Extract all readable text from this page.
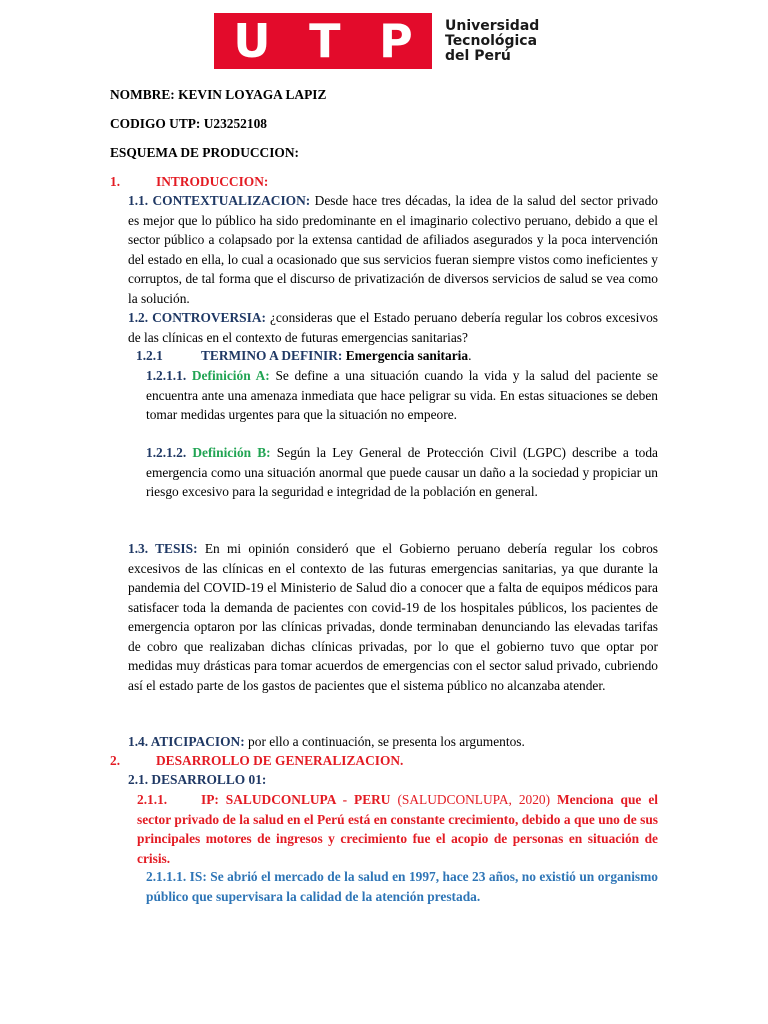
U T P Universidad
Tecnológica
del Perú
NOMBRE: KEVIN LOYAGA LAPIZ
CODIGO UTP: U23252108
ESQUEMA DE PRODUCCION:
1.	INTRODUCCION:
1.1. CONTEXTUALIZACION: Desde hace tres décadas, la idea de la salud del sector privado es mejor que lo público ha sido predominante en el imaginario colectivo peruano, debido a que el sector público a colapsado por la extensa cantidad de afiliados asegurados y la poca intervención del estado en ella, lo cual a ocasionado que sus servicios fueran siempre vistos como ineficientes y corruptos, de tal forma que el discurso de privatización de diversos servicios de salud se vea como la solución.
1.2. CONTROVERSIA: ¿consideras que el Estado peruano debería regular los cobros excesivos de las clínicas en el contexto de futuras emergencias sanitarias?
1.2.1	TERMINO A DEFINIR: Emergencia sanitaria.
1.2.1.1. Definición A: Se define a una situación cuando la vida y la salud del paciente se encuentra ante una amenaza inmediata que hace peligrar su vida. En estas situaciones se deben tomar medidas urgentes para que la situación no empeore.
1.2.1.2. Definición B: Según la Ley General de Protección Civil (LGPC) describe a toda emergencia como una situación anormal que puede causar un daño a la sociedad y propiciar un riesgo excesivo para la seguridad e integridad de la población en general.
1.3. TESIS: En mi opinión consideró que el Gobierno peruano debería regular los cobros excesivos de las clínicas en el contexto de las futuras emergencias sanitarias, ya que durante la pandemia del COVID-19 el Ministerio de Salud dio a conocer que a falta de equipos médicos para satisfacer toda la demanda de pacientes con covid-19 de los hospitales públicos, los pacientes de emergencia optaron por las clínicas privadas, donde terminaban denunciando las elevadas tarifas de cobro que realizaban dichas clínicas privadas, por lo que el gobierno tuvo que optar por medidas muy drásticas para tomar acuerdos de emergencias con el sector salud privado, cubriendo así el estado parte de los gastos de pacientes que el sistema público no alcanzaba atender.
1.4. ATICIPACION: por ello a continuación, se presenta los argumentos.
2.	DESARROLLO DE GENERALIZACION.
2.1. DESARROLLO 01:
2.1.1.	IP: SALUDCONLUPA - PERU (SALUDCONLUPA, 2020) Menciona que el sector privado de la salud en el Perú está en constante crecimiento, debido a que uno de sus principales motores de ingresos y crecimiento fue el acopio de personas en situación de crisis.
2.1.1.1. IS: Se abrió el mercado de la salud en 1997, hace 23 años, no existió un organismo público que supervisara la calidad de la atención prestada.
